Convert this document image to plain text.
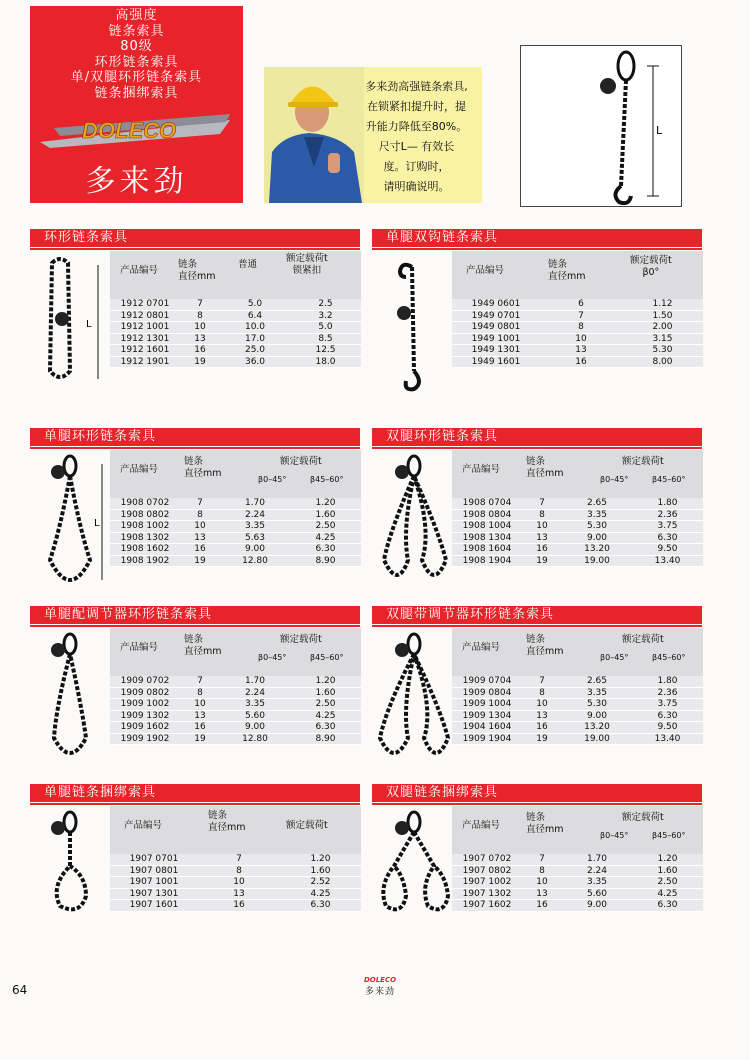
高强度
链条索具
80级
环形链条索具
单/双腿环形链条索具
链条捆绑索具
DOLECO
多来劲
多来劲高强链条索具,
在锁紧扣提升时，提
升能力降低至80%。
尺寸L— 有效长
度。订购时，
请明确说明。
L
环形链条索具
L
产品编号
链条
直径mm
普通
额定载荷t
锁紧扣
1912 0701	7	5.0	2.5
1912 0801	8	6.4	3.2
1912 1001	10	10.0	5.0
1912 1301	13	17.0	8.5
1912 1601	16	25.0	12.5
1912 1901	19	36.0	18.0
单腿双钩链条索具
产品编号
链条
直径mm
额定载荷t
β0°
1949 0601	6	1.12
1949 0701	7	1.50
1949 0801	8	2.00
1949 1001	10	3.15
1949 1301	13	5.30
1949 1601	16	8.00
单腿环形链条索具
L
产品编号
链条
直径mm
额定载荷t
β0–45°	β45–60°
1908 0702	7	1.70	1.20
1908 0802	8	2.24	1.60
1908 1002	10	3.35	2.50
1908 1302	13	5.63	4.25
1908 1602	16	9.00	6.30
1908 1902	19	12.80	8.90
双腿环形链条索具
产品编号
链条
直径mm
额定载荷t
β0–45°	β45–60°
1908 0704	7	2.65	1.80
1908 0804	8	3.35	2.36
1908 1004	10	5.30	3.75
1908 1304	13	9.00	6.30
1908 1604	16	13.20	9.50
1908 1904	19	19.00	13.40
单腿配调节器环形链条索具
产品编号
链条
直径mm
额定载荷t
β0–45°	β45–60°
1909 0702	7	1.70	1.20
1909 0802	8	2.24	1.60
1909 1002	10	3.35	2.50
1909 1302	13	5.60	4.25
1909 1602	16	9.00	6.30
1909 1902	19	12.80	8.90
双腿带调节器环形链条索具
产品编号
链条
直径mm
额定载荷t
β0–45°	β45–60°
1909 0704	7	2.65	1.80
1909 0804	8	3.35	2.36
1909 1004	10	5.30	3.75
1909 1304	13	9.00	6.30
1904 1604	16	13.20	9.50
1909 1904	19	19.00	13.40
单腿链条捆绑索具
产品编号
链条
直径mm	额定载荷t
1907 0701	7	1.20
1907 0801	8	1.60
1907 1001	10	2.52
1907 1301	13	4.25
1907 1601	16	6.30
双腿链条捆绑索具
产品编号
链条
直径mm
额定载荷t
β0–45°	β45–60°
1907 0702	7	1.70	1.20
1907 0802	8	2.24	1.60
1907 1002	10	3.35	2.50
1907 1302	13	5.60	4.25
1907 1602	16	9.00	6.30
64
DOLECO
多来劲
